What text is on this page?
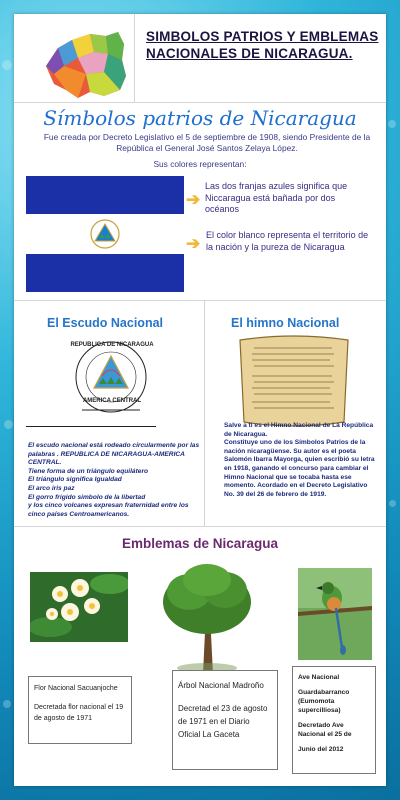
SIMBOLOS PATRIOS Y EMBLEMAS NACIONALES DE NICARAGUA.
Símbolos patrios de Nicaragua
Fue creada por Decreto Legislativo el 5 de septiembre de 1908, siendo Presidente de la República el General José Santos Zelaya López.
Sus colores representan:
➔
Las dos franjas azules significa que Niccaragua está bañada por dos océanos
➔ El color blanco representa el territorio de la nación y la pureza de Nicaragua
El Escudo Nacional
REPUBLICA DE NICARAGUA
AMERICA CENTRAL
El escudo nacional está rodeado circularmente por las palabras . REPUBLICA DE NICARAGUA-AMERICA CENTRAL.
Tiene forma de un triángulo equilátero
El triángulo significa Igualdad
El arco iris paz
El gorro frigido simbolo de la libertad
y los cinco volcanes expresan fraternidad entre los cinco países Centroamericanos.
El himno Nacional

Salve a ti es el Himno Nacional de La República de Nicaragua.

Constituye uno de los Símbolos Patrios de la nación nicaragüense. Su autor es el poeta Salomón Ibarra Mayorga, quien escribió su letra en 1918, ganando el concurso para cambiar el Himno Nacional que se tocaba hasta ese momento. Acordado en el Decreto Legislativo No. 39 del 26 de febrero de 1919.

Emblemas de Nicaragua

Flor Nacional Sacuanjoche

Decretada flor nacional el 19 de agosto de 1971

Árbol Nacional Madroño

Decretad el 23 de agosto de 1971 en el Diario Oficial La Gaceta

Ave Nacional

Guardabarranco (Eumomota supercilliosa)

Decretado Ave Nacional el 25 de

Junio del 2012
